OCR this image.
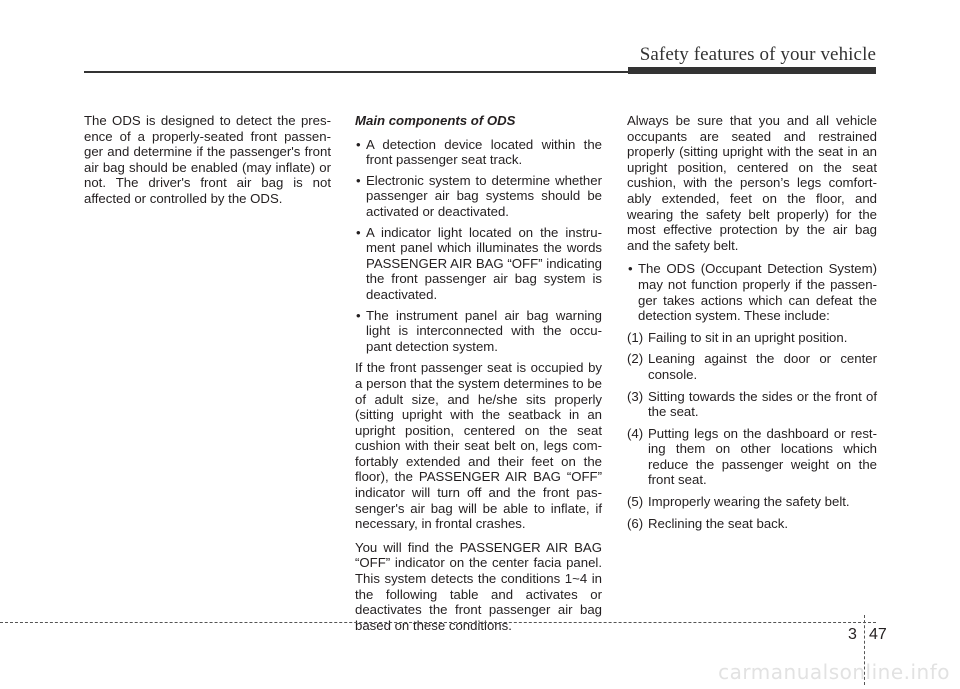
Safety features of your vehicle

The ODS is designed to detect the pres-ence of a properly-seated front passen-ger and determine if the passenger's front air bag should be enabled (may inflate) or not. The driver's front air bag is not affected or controlled by the ODS.

Main components of ODS

• A detection device located within the front passenger seat track.
• Electronic system to determine whether passenger air bag systems should be activated or deactivated.
• A indicator light located on the instru-ment panel which illuminates the words PASSENGER AIR BAG “OFF” indicating the front passenger air bag system is deactivated.
• The instrument panel air bag warning light is interconnected with the occu-pant detection system.

If the front passenger seat is occupied by a person that the system determines to be of adult size, and he/she sits properly (sitting upright with the seatback in an upright position, centered on the seat cushion with their seat belt on, legs com-fortably extended and their feet on the floor), the PASSENGER AIR BAG “OFF” indicator will turn off and the front pas-senger's air bag will be able to inflate, if necessary, in frontal crashes.

You will find the PASSENGER AIR BAG “OFF” indicator on the center facia panel. This system detects the conditions 1~4 in the following table and activates or deactivates the front passenger air bag based on these conditions.

Always be sure that you and all vehicle occupants are seated and restrained properly (sitting upright with the seat in an upright position, centered on the seat cushion, with the person’s legs comfort-ably extended, feet on the floor, and wearing the safety belt properly) for the most effective protection by the air bag and the safety belt.

• The ODS (Occupant Detection System) may not function properly if the passen-ger takes actions which can defeat the detection system. These include:
(1) Failing to sit in an upright position.
(2) Leaning against the door or center console.
(3) Sitting towards the sides or the front of the seat.
(4) Putting legs on the dashboard or rest-ing them on other locations which reduce the passenger weight on the front seat.
(5) Improperly wearing the safety belt.
(6) Reclining the seat back.
3 47
carmanualsonline.info
